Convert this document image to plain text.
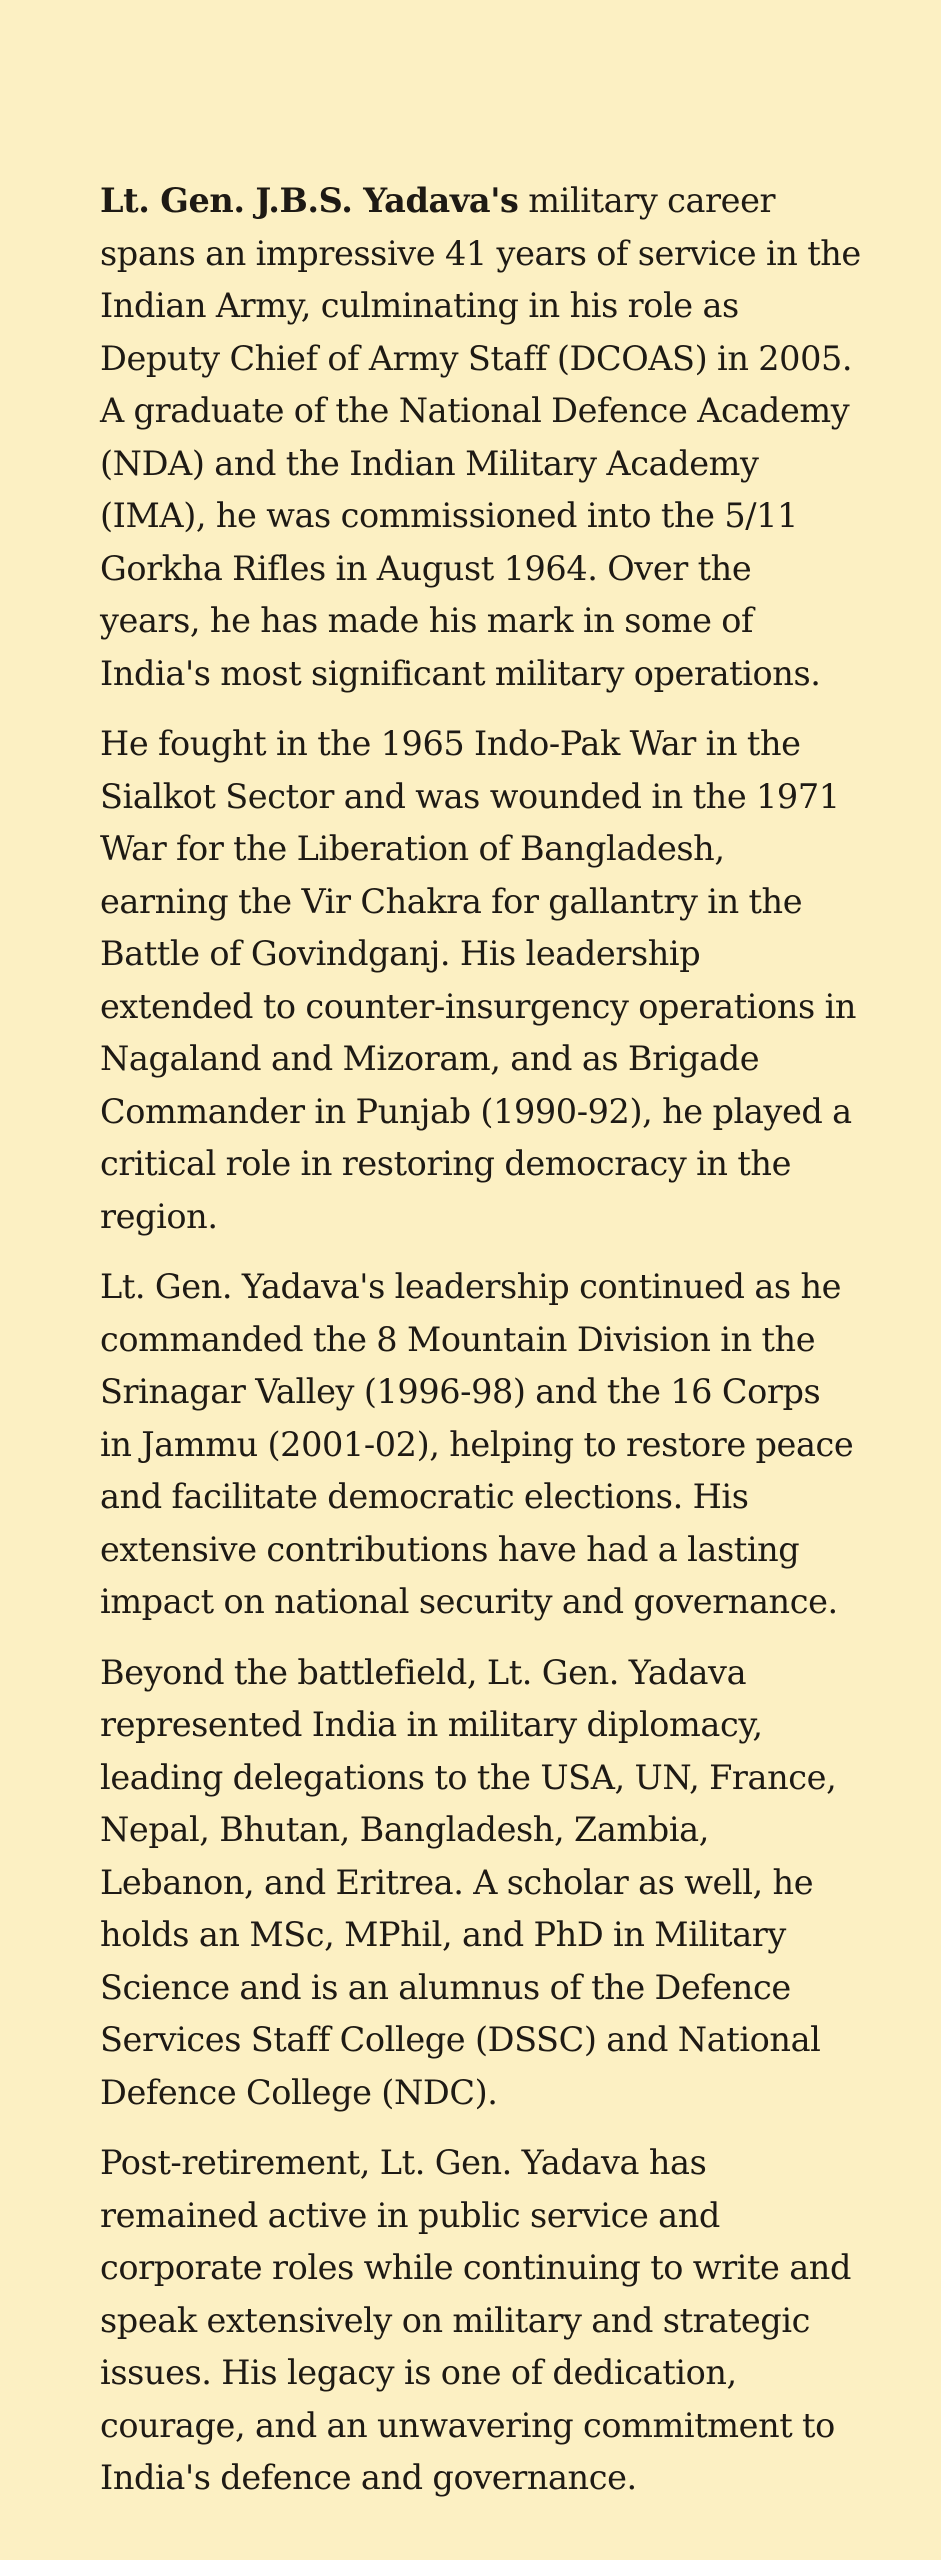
Lt. Gen. J.B.S. Yadava's military career spans an impressive 41 years of service in the Indian Army, culminating in his role as Deputy Chief of Army Staff (DCOAS) in 2005. A graduate of the National Defence Academy (NDA) and the Indian Military Academy (IMA), he was commissioned into the 5/11 Gorkha Rifles in August 1964. Over the years, he has made his mark in some of India's most significant military operations.

He fought in the 1965 Indo-Pak War in the Sialkot Sector and was wounded in the 1971 War for the Liberation of Bangladesh, earning the Vir Chakra for gallantry in the Battle of Govindganj. His leadership extended to counter-insurgency operations in Nagaland and Mizoram, and as Brigade Commander in Punjab (1990-92), he played a critical role in restoring democracy in the region.

Lt. Gen. Yadava's leadership continued as he commanded the 8 Mountain Division in the Srinagar Valley (1996-98) and the 16 Corps in Jammu (2001-02), helping to restore peace and facilitate democratic elections. His extensive contributions have had a lasting impact on national security and governance.

Beyond the battlefield, Lt. Gen. Yadava represented India in military diplomacy, leading delegations to the USA, UN, France, Nepal, Bhutan, Bangladesh, Zambia, Lebanon, and Eritrea. A scholar as well, he holds an MSc, MPhil, and PhD in Military Science and is an alumnus of the Defence Services Staff College (DSSC) and National Defence College (NDC).

Post-retirement, Lt. Gen. Yadava has remained active in public service and corporate roles while continuing to write and speak extensively on military and strategic issues. His legacy is one of dedication, courage, and an unwavering commitment to India's defence and governance.
